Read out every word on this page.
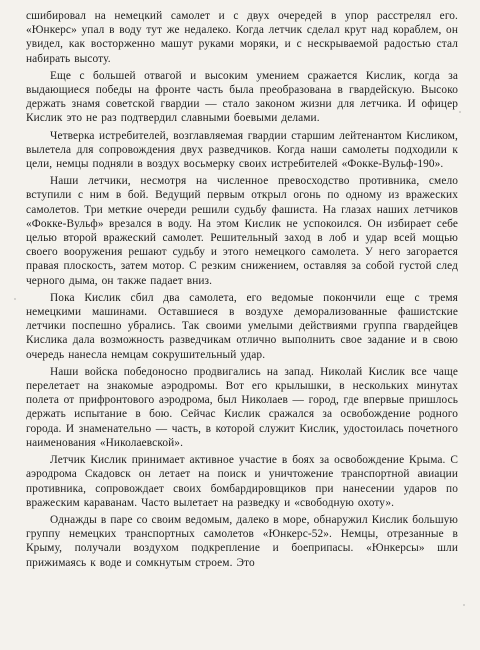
сшибировал на немецкий самолет и с двух очередей в упор расстрелял его. «Юнкерс» упал в воду тут же недалеко. Когда летчик сделал крут над кораблем, он увидел, как восторженно машут руками моряки, и с нескрываемой радостью стал набирать высоту.

Еще с большей отвагой и высоким умением сражается Кислик, когда за выдающиеся победы на фронте часть была преобразована в гвардейскую. Высоко держать знамя советской гвардии — стало законом жизни для летчика. И офицер Кислик это не раз подтвердил славными боевыми делами.

Четверка истребителей, возглавляемая гвардии старшим лейтенантом Кисликом, вылетела для сопровождения двух разведчиков. Когда наши самолеты подходили к цели, немцы подняли в воздух восьмерку своих истребителей «Фокке-Вульф-190».

Наши летчики, несмотря на численное превосходство противника, смело вступили с ним в бой. Ведущий первым открыл огонь по одному из вражеских самолетов. Три меткие очереди решили судьбу фашиста. На глазах наших летчиков «Фокке-Вульф» врезался в воду. На этом Кислик не успокоился. Он избирает себе целью второй вражеский самолет. Решительный заход в лоб и удар всей мощью своего вооружения решают судьбу и этого немецкого самолета. У него загорается правая плоскость, затем мотор. С резким снижением, оставляя за собой густой след черного дыма, он также падает вниз.

Пока Кислик сбил два самолета, его ведомые покончили еще с тремя немецкими машинами. Оставшиеся в воздухе деморализованные фашистские летчики поспешно убрались. Так своими умелыми действиями группа гвардейцев Кислика дала возможность разведчикам отлично выполнить свое задание и в свою очередь нанесла немцам сокрушительный удар.

Наши войска победоносно продвигались на запад. Николай Кислик все чаще перелетает на знакомые аэродромы. Вот его крылышки, в нескольких минутах полета от прифронтового аэродрома, был Николаев — город, где впервые пришлось держать испытание в бою. Сейчас Кислик сражался за освобождение родного города. И знаменательно — часть, в которой служит Кислик, удостоилась почетного наименования «Николаевской».

Летчик Кислик принимает активное участие в боях за освобождение Крыма. С аэродрома Скадовск он летает на поиск и уничтожение транспортной авиации противника, сопровождает своих бомбардировщиков при нанесении ударов по вражеским караванам. Часто вылетает на разведку и «свободную охоту».

Однажды в паре со своим ведомым, далеко в море, обнаружил Кислик большую группу немецких транспортных самолетов «Юнкерс-52». Немцы, отрезанные в Крыму, получали воздухом подкрепление и боеприпасы. «Юнкерсы» шли прижимаясь к воде и сомкнутым строем. Это
